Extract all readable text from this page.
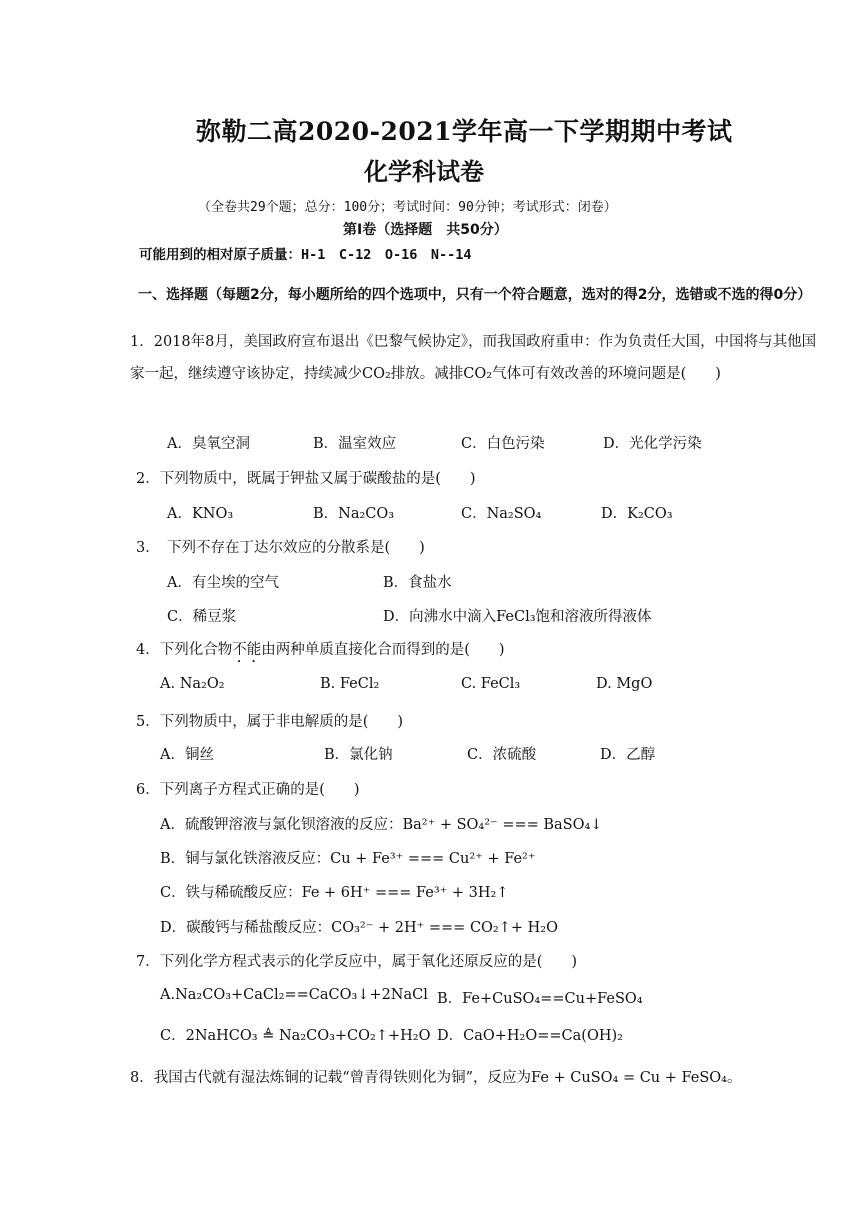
弥勒二高2020-2021学年高一下学期期中考试
化学科试卷
（全卷共29个题；总分：100分；考试时间：90分钟；考试形式：闭卷）
第Ⅰ卷（选择题　共50分）
可能用到的相对原子质量：H-1　C-12　O-16　N--14
一、选择题（每题2分，每小题所给的四个选项中，只有一个符合题意，选对的得2分，选错或不选的得0分）
1．2018年8月，美国政府宣布退出《巴黎气候协定》，而我国政府重申：作为负责任大国，中国将与其他国家一起，继续遵守该协定，持续减少CO₂排放。减排CO₂气体可有效改善的环境问题是(　　)
A．臭氧空洞	B．温室效应	C．白色污染	D．光化学污染
2．下列物质中，既属于钾盐又属于碳酸盐的是(　　)
A．KNO₃	B．Na₂CO₃	C．Na₂SO₄	D．K₂CO₃
3．　下列不存在丁达尔效应的分散系是(　　)
A．有尘埃的空气	B．食盐水
C．稀豆浆	D．向沸水中滴入FeCl₃饱和溶液所得液体
4．下列化合物不能由两种单质直接化合而得到的是(　　)
A. Na₂O₂	B. FeCl₂	C. FeCl₃	D. MgO
5．下列物质中，属于非电解质的是(　　)
A．铜丝	B．氯化钠	C．浓硫酸	D．乙醇
6．下列离子方程式正确的是(　　)
A．硫酸钾溶液与氯化钡溶液的反应：Ba²⁺ + SO₄²⁻ === BaSO₄↓
B．铜与氯化铁溶液反应：Cu + Fe³⁺ === Cu²⁺ + Fe²⁺
C．铁与稀硫酸反应：Fe + 6H⁺ === Fe³⁺ + 3H₂↑
D．碳酸钙与稀盐酸反应：CO₃²⁻ + 2H⁺ === CO₂↑+ H₂O
7．下列化学方程式表示的化学反应中，属于氧化还原反应的是(　　)
A.Na₂CO₃+CaCl₂==CaCO₃↓+2NaCl B．Fe+CuSO₄==Cu+FeSO₄
C．2NaHCO₃ ≜ Na₂CO₃+CO₂↑+H₂O D．CaO+H₂O==Ca(OH)₂
8．我国古代就有湿法炼铜的记载“曾青得铁则化为铜”，反应为Fe + CuSO₄ = Cu + FeSO₄。
